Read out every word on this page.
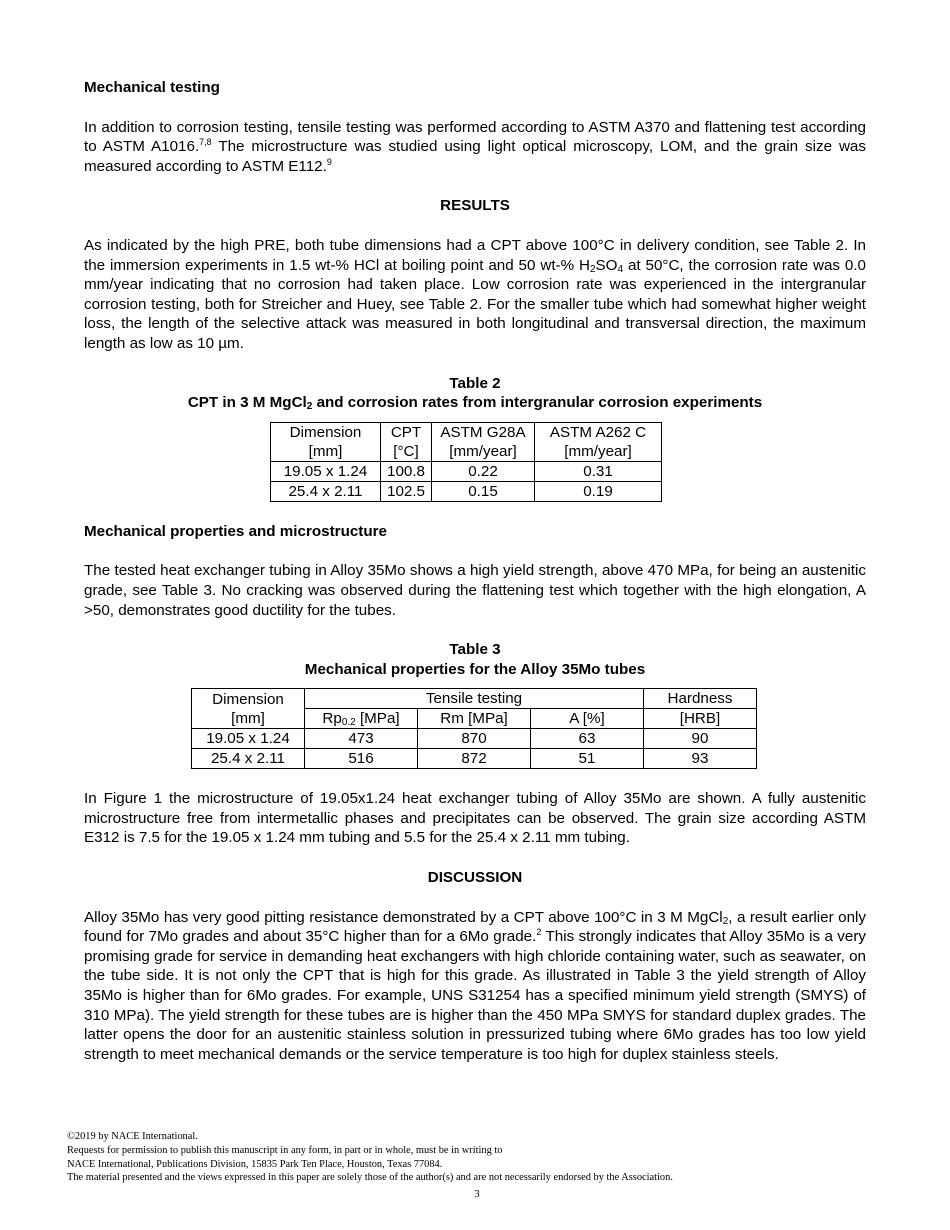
Mechanical testing

In addition to corrosion testing, tensile testing was performed according to ASTM A370 and flattening test according to ASTM A1016.$^{7,8}$ The microstructure was studied using light optical microscopy, LOM, and the grain size was measured according to ASTM E112.$^9$

RESULTS

As indicated by the high PRE, both tube dimensions had a CPT above 100°C in delivery condition, see Table 2. In the immersion experiments in 1.5 wt-% HCl at boiling point and 50 wt-% $H_2SO_4$ at 50°C, the corrosion rate was 0.0 mm/year indicating that no corrosion had taken place. Low corrosion rate was experienced in the intergranular corrosion testing, both for Streicher and Huey, see Table 2. For the smaller tube which had somewhat higher weight loss, the length of the selective attack was measured in both longitudinal and transversal direction, the maximum length as low as 10 µm.

Table 2

CPT in 3 M MgCl$_2$ and corrosion rates from intergranular corrosion experiments

Dimension	CPT	ASTM G28A	ASTM A262 C
[mm]	[°C]	[mm/year]	[mm/year]
19.05 x 1.24	100.8	0.22	0.31
25.4 x 2.11	102.5	0.15	0.19

Mechanical properties and microstructure

The tested heat exchanger tubing in Alloy 35Mo shows a high yield strength, above 470 MPa, for being an austenitic grade, see Table 3. No cracking was observed during the flattening test which together with the high elongation, A >50, demonstrates good ductility for the tubes.

Table 3

Mechanical properties for the Alloy 35Mo tubes

Dimension	Tensile testing			Hardness
[mm]	$Rp_{0.2}$ [MPa]	Rm [MPa]	A [%]	[HRB]
19.05 x 1.24	473	870	63	90
25.4 x 2.11	516	872	51	93

In Figure 1 the microstructure of 19.05x1.24 heat exchanger tubing of Alloy 35Mo are shown. A fully austenitic microstructure free from intermetallic phases and precipitates can be observed. The grain size according ASTM E312 is 7.5 for the 19.05 x 1.24 mm tubing and 5.5 for the 25.4 x 2.11 mm tubing.

DISCUSSION

Alloy 35Mo has very good pitting resistance demonstrated by a CPT above 100°C in 3 M MgCl$_2$, a result earlier only found for 7Mo grades and about 35°C higher than for a 6Mo grade.$^2$ This strongly indicates that Alloy 35Mo is a very promising grade for service in demanding heat exchangers with high chloride containing water, such as seawater, on the tube side. It is not only the CPT that is high for this grade. As illustrated in Table 3 the yield strength of Alloy 35Mo is higher than for 6Mo grades. For example, UNS S31254 has a specified minimum yield strength (SMYS) of 310 MPa). The yield strength for these tubes are is higher than the 450 MPa SMYS for standard duplex grades. The latter opens the door for an austenitic stainless solution in pressurized tubing where 6Mo grades has too low yield strength to meet mechanical demands or the service temperature is too high for duplex stainless steels.

©2019 by NACE International.
Requests for permission to publish this manuscript in any form, in part or in whole, must be in writing to
NACE International, Publications Division, 15835 Park Ten Place, Houston, Texas 77084.
The material presented and the views expressed in this paper are solely those of the author(s) and are not necessarily endorsed by the Association.
3
